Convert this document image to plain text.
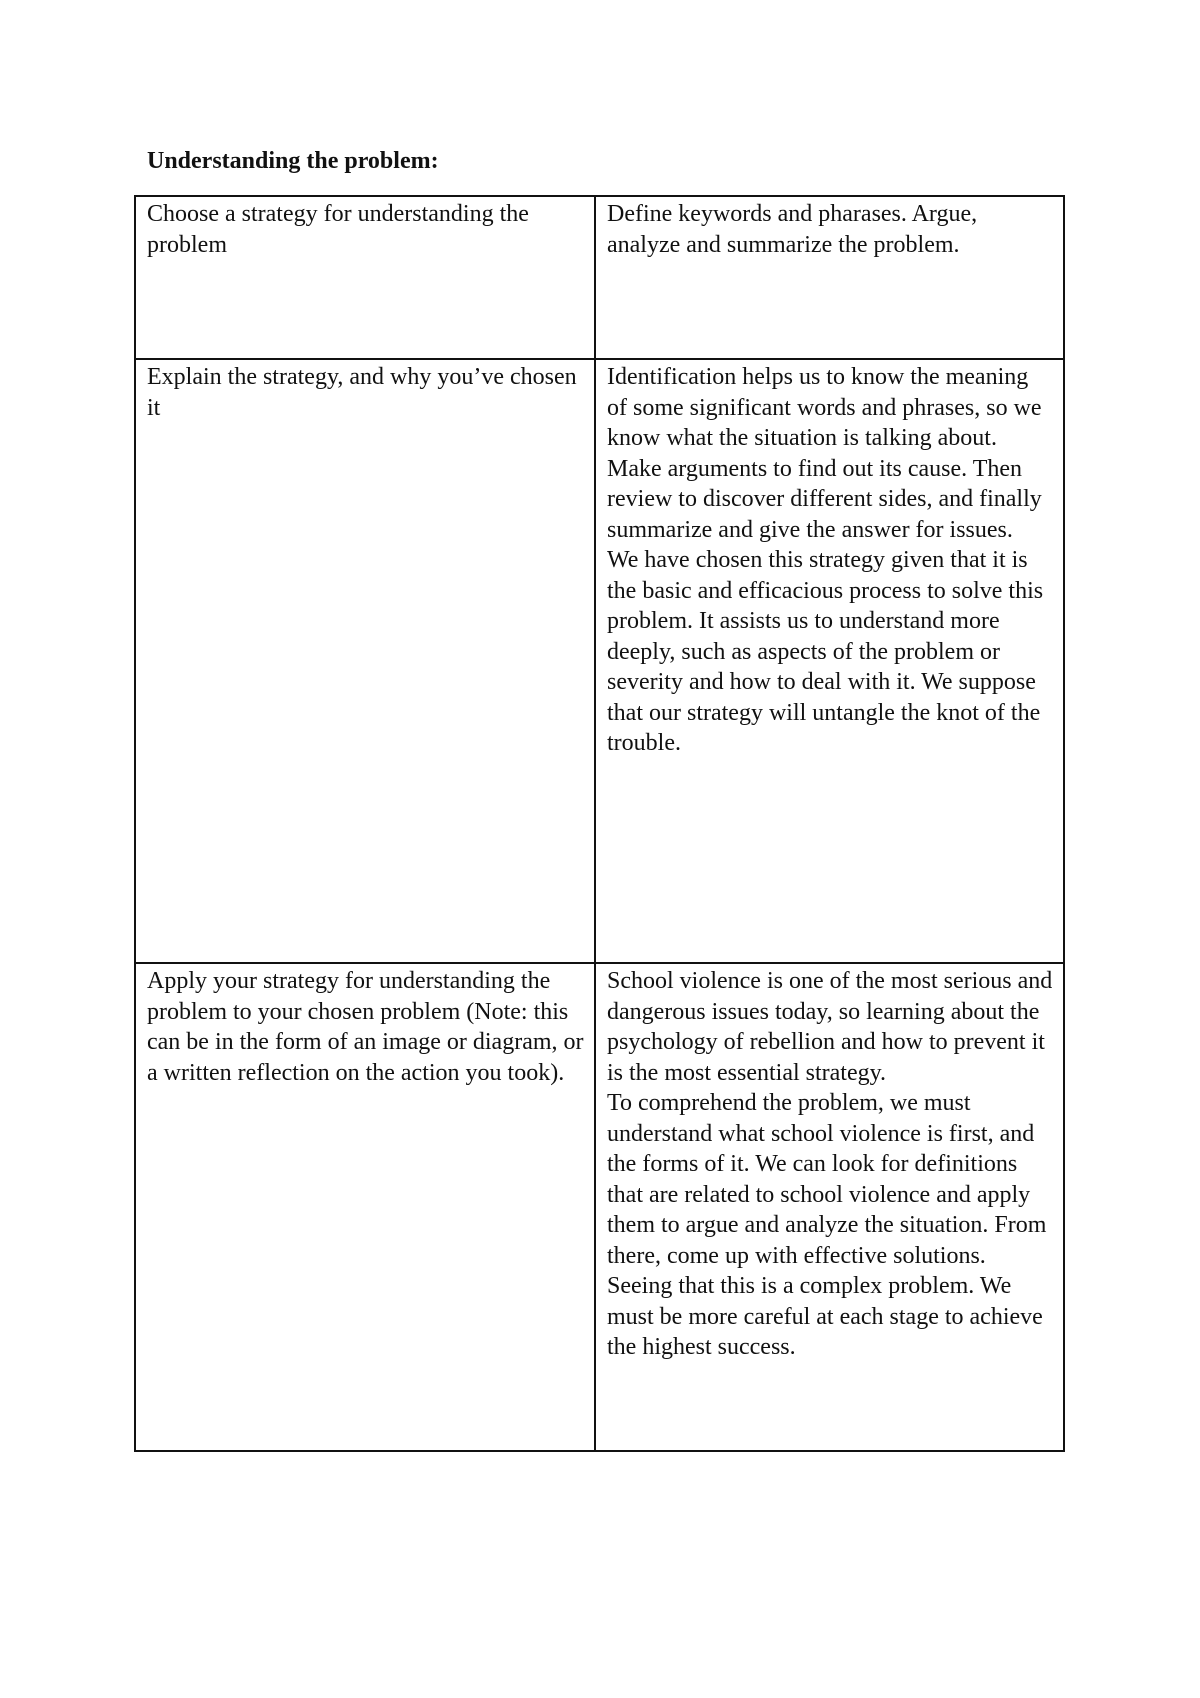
Understanding the problem:
Choose a strategy for understanding the problem	Define keywords and pharases. Argue, analyze and summarize the problem.

Explain the strategy, and why you’ve chosen it	Identification helps us to know the meaning of some significant words and phrases, so we know what the situation is talking about. Make arguments to find out its cause. Then review to discover different sides, and finally summarize and give the answer for issues.
We have chosen this strategy given that it is the basic and efficacious process to solve this problem. It assists us to understand more deeply, such as aspects of the problem or severity and how to deal with it. We suppose that our strategy will untangle the knot of the trouble.

Apply your strategy for understanding the problem to your chosen problem (Note: this can be in the form of an image or diagram, or a written reflection on the action you took).	School violence is one of the most serious and dangerous issues today, so learning about the psychology of rebellion and how to prevent it is the most essential strategy.
To comprehend the problem, we must understand what school violence is first, and the forms of it. We can look for definitions that are related to school violence and apply them to argue and analyze the situation. From there, come up with effective solutions.
Seeing that this is a complex problem. We must be more careful at each stage to achieve the highest success.
